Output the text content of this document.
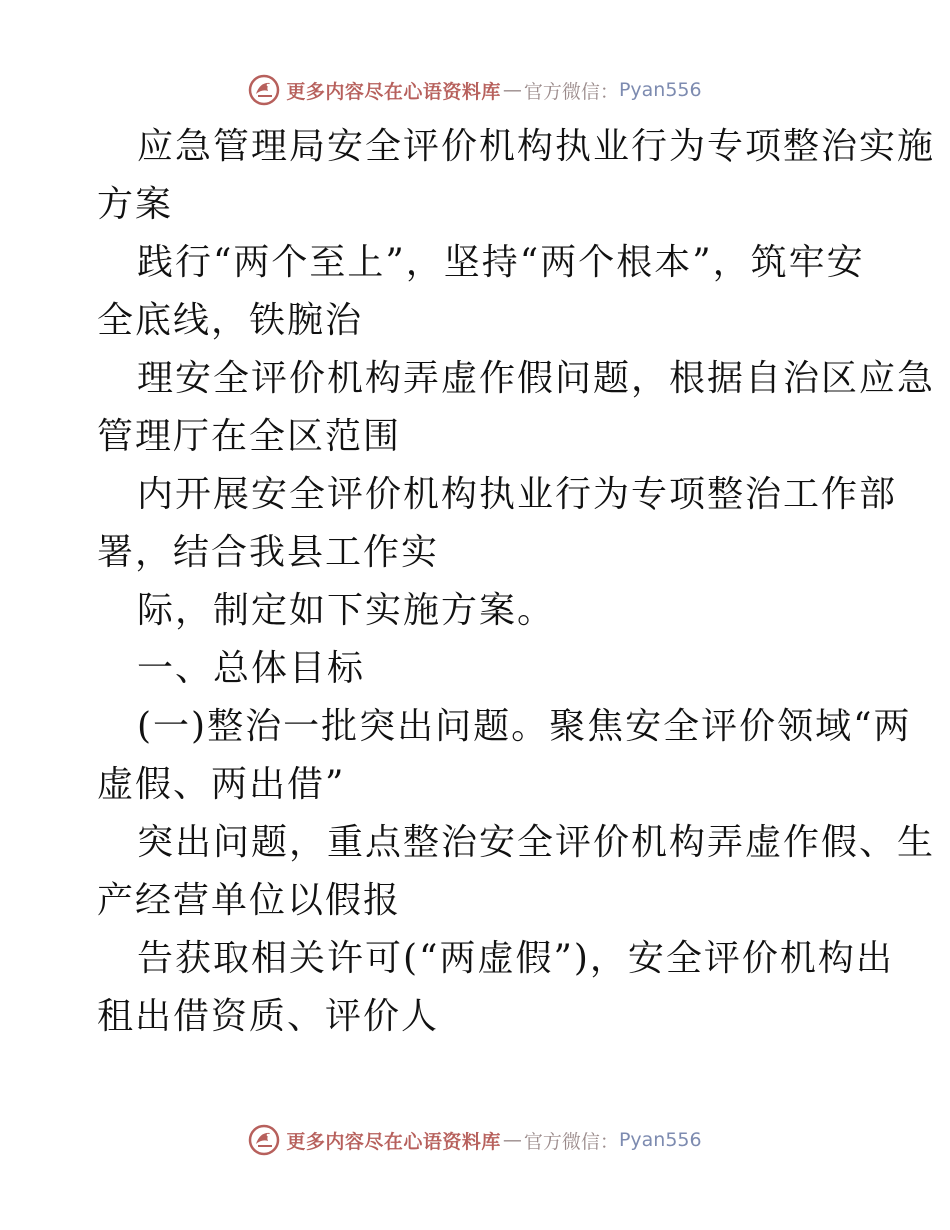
更多内容尽在心语资料库 — 官方微信： Pyan556
应急管理局安全评价机构执业行为专项整治实施
方案
践行“两个至上”，坚持“两个根本”，筑牢安
全底线，铁腕治
理安全评价机构弄虚作假问题，根据自治区应急
管理厅在全区范围
内开展安全评价机构执业行为专项整治工作部
署，结合我县工作实
际，制定如下实施方案。
一、总体目标
(一)整治一批突出问题。聚焦安全评价领域“两
虚假、两出借”
突出问题，重点整治安全评价机构弄虚作假、生
产经营单位以假报
告获取相关许可(“两虚假”)，安全评价机构出
租出借资质、评价人
更多内容尽在心语资料库 — 官方微信： Pyan556
